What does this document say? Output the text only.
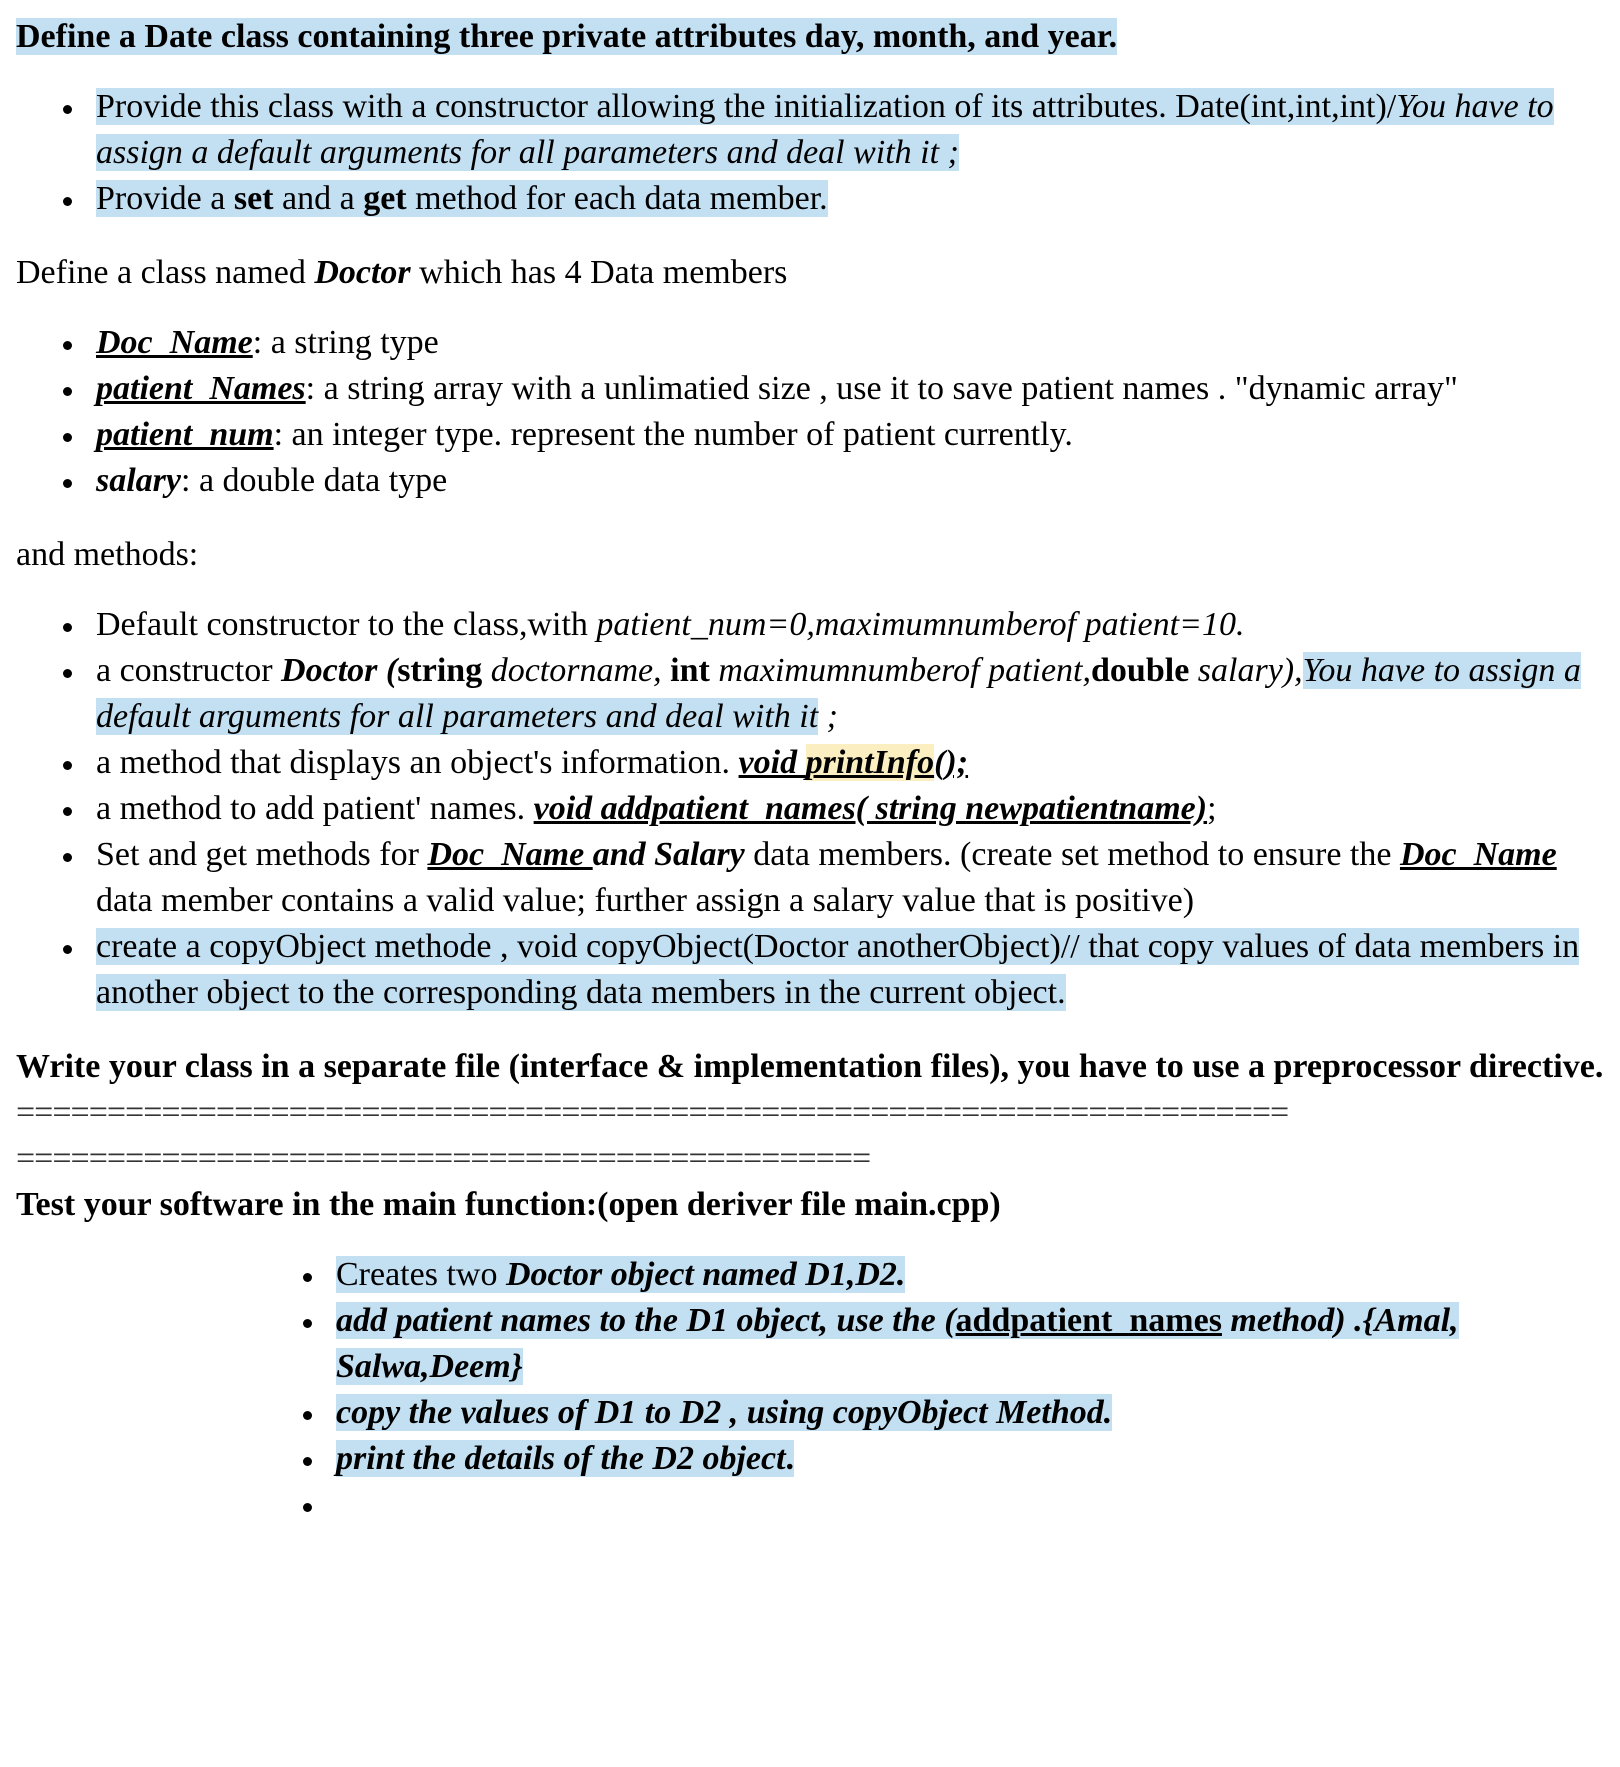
Define a Date class containing three private attributes day, month, and year.

Provide this class with a constructor allowing the initialization of its attributes. Date(int,int,int)/You have to assign a default arguments for all parameters and deal with it ;
Provide a set and a get method for each data member.

Define a class named Doctor which has 4 Data members

Doc_Name: a string type
patient_Names: a string array with a unlimatied size , use it to save patient names . "dynamic array"
patient_num: an integer type. represent the number of patient currently.
salary: a double data type

and methods:

Default constructor to the class,with patient_num=0,maximumnumberof patient=10.
a constructor Doctor (string doctorname, int maximumnumberof patient,double salary),You have to assign a default arguments for all parameters and deal with it ;
a method that displays an object's information. void printInfo();
a method to add patient' names. void addpatient_names( string newpatientname);
Set and get methods for Doc_Name and Salary data members. (create set method to ensure the Doc_Name data member contains a valid value; further assign a salary value that is positive)
create a copyObject methode , void copyObject(Doctor anotherObject)// that copy values of data members in another object to the corresponding data members in the current object.

Write your class in a separate file (interface & implementation files), you have to use a preprocessor directive.

======================================================================

===============================================

Test your software in the main function:(open deriver file main.cpp)

Creates two Doctor object named D1,D2.
add patient names to the D1 object, use the (addpatient_names method) .{Amal, Salwa,Deem}
copy the values of D1 to D2 , using copyObject Method.
print the details of the D2 object.
